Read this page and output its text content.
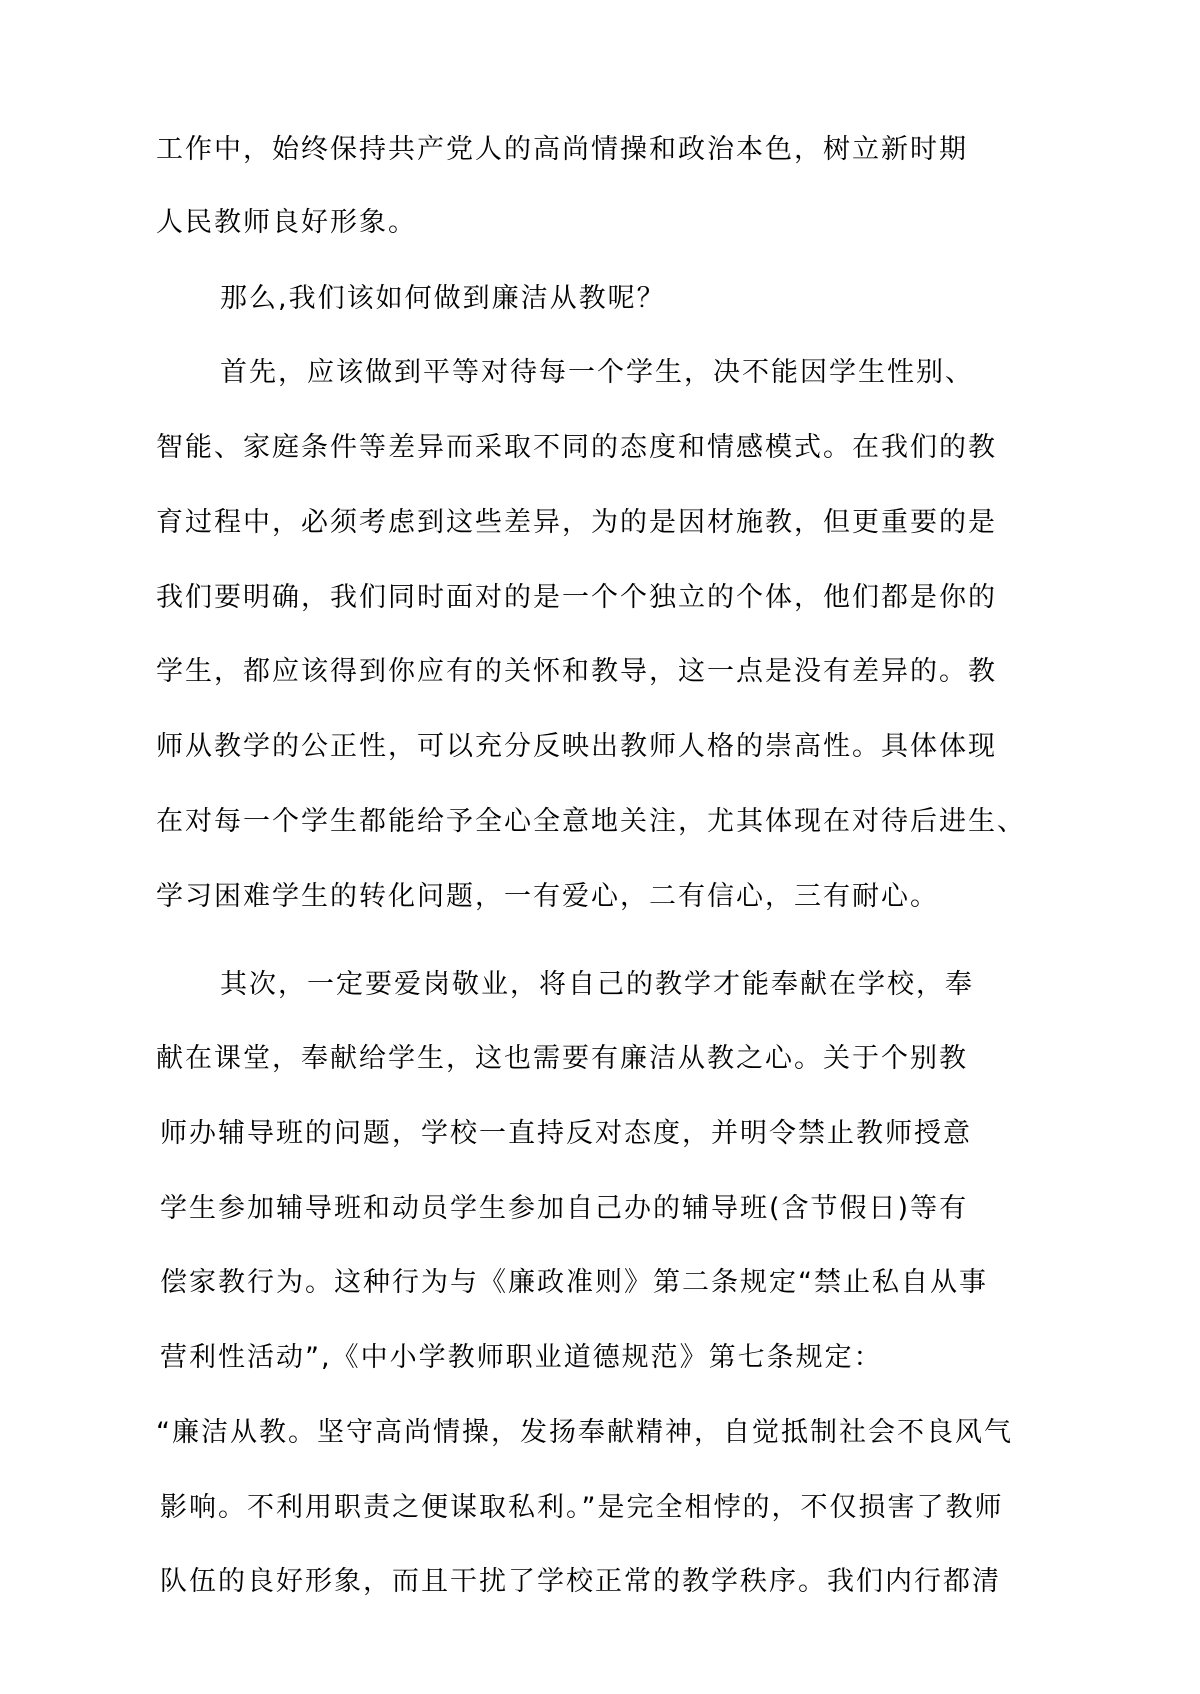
工作中，始终保持共产党人的高尚情操和政治本色，树立新时期
人民教师良好形象。
那么,我们该如何做到廉洁从教呢？
首先，应该做到平等对待每一个学生，决不能因学生性别、
智能、家庭条件等差异而采取不同的态度和情感模式。在我们的教
育过程中，必须考虑到这些差异，为的是因材施教，但更重要的是
我们要明确，我们同时面对的是一个个独立的个体，他们都是你的
学生，都应该得到你应有的关怀和教导，这一点是没有差异的。教
师从教学的公正性，可以充分反映出教师人格的崇高性。具体体现
在对每一个学生都能给予全心全意地关注，尤其体现在对待后进生、
学习困难学生的转化问题，一有爱心，二有信心，三有耐心。
其次，一定要爱岗敬业，将自己的教学才能奉献在学校，奉
献在课堂，奉献给学生，这也需要有廉洁从教之心。关于个别教
师办辅导班的问题，学校一直持反对态度，并明令禁止教师授意
学生参加辅导班和动员学生参加自己办的辅导班(含节假日)等有
偿家教行为。这种行为与《廉政准则》第二条规定“禁止私自从事
营利性活动”,《中小学教师职业道德规范》第七条规定：
“廉洁从教。坚守高尚情操，发扬奉献精神，自觉抵制社会不良风气
影响。不利用职责之便谋取私利。”是完全相悖的，不仅损害了教师
队伍的良好形象，而且干扰了学校正常的教学秩序。我们内行都清
